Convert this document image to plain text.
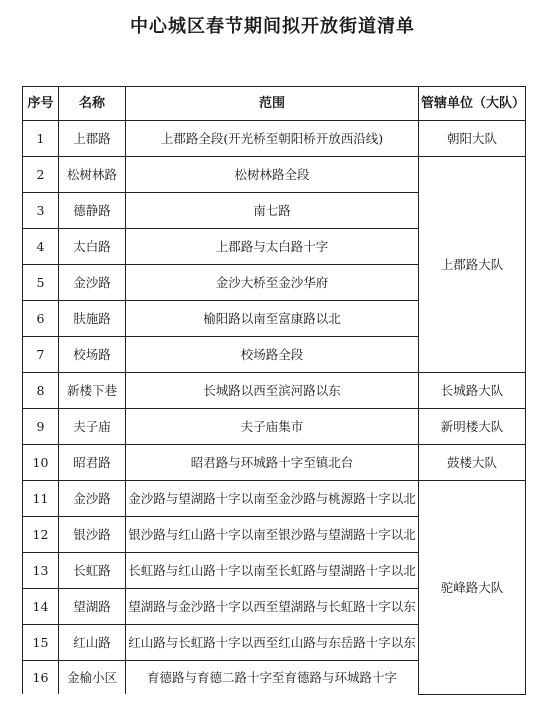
中心城区春节期间拟开放街道清单
序号	名称	范围	管辖单位（大队）
1	上郡路	上郡路全段(开光桥至朝阳桥开放西沿线)	朝阳大队
2	松树林路	松树林路全段	上郡路大队
3	德静路	南七路	
4	太白路	上郡路与太白路十字	
5	金沙路	金沙大桥至金沙华府	
6	肤施路	榆阳路以南至富康路以北	
7	校场路	校场路全段	
8	新楼下巷	长城路以西至滨河路以东	长城路大队
9	夫子庙	夫子庙集市	新明楼大队
10	昭君路	昭君路与环城路十字至镇北台	鼓楼大队
11	金沙路	金沙路与望湖路十字以南至金沙路与桃源路十字以北	驼峰路大队
12	银沙路	银沙路与红山路十字以南至银沙路与望湖路十字以北	
13	长虹路	长虹路与红山路十字以南至长虹路与望湖路十字以北	
14	望湖路	望湖路与金沙路十字以西至望湖路与长虹路十字以东	
15	红山路	红山路与长虹路十字以西至红山路与东岳路十字以东	
16	金榆小区	育德路与育德二路十字至育德路与环城路十字	
